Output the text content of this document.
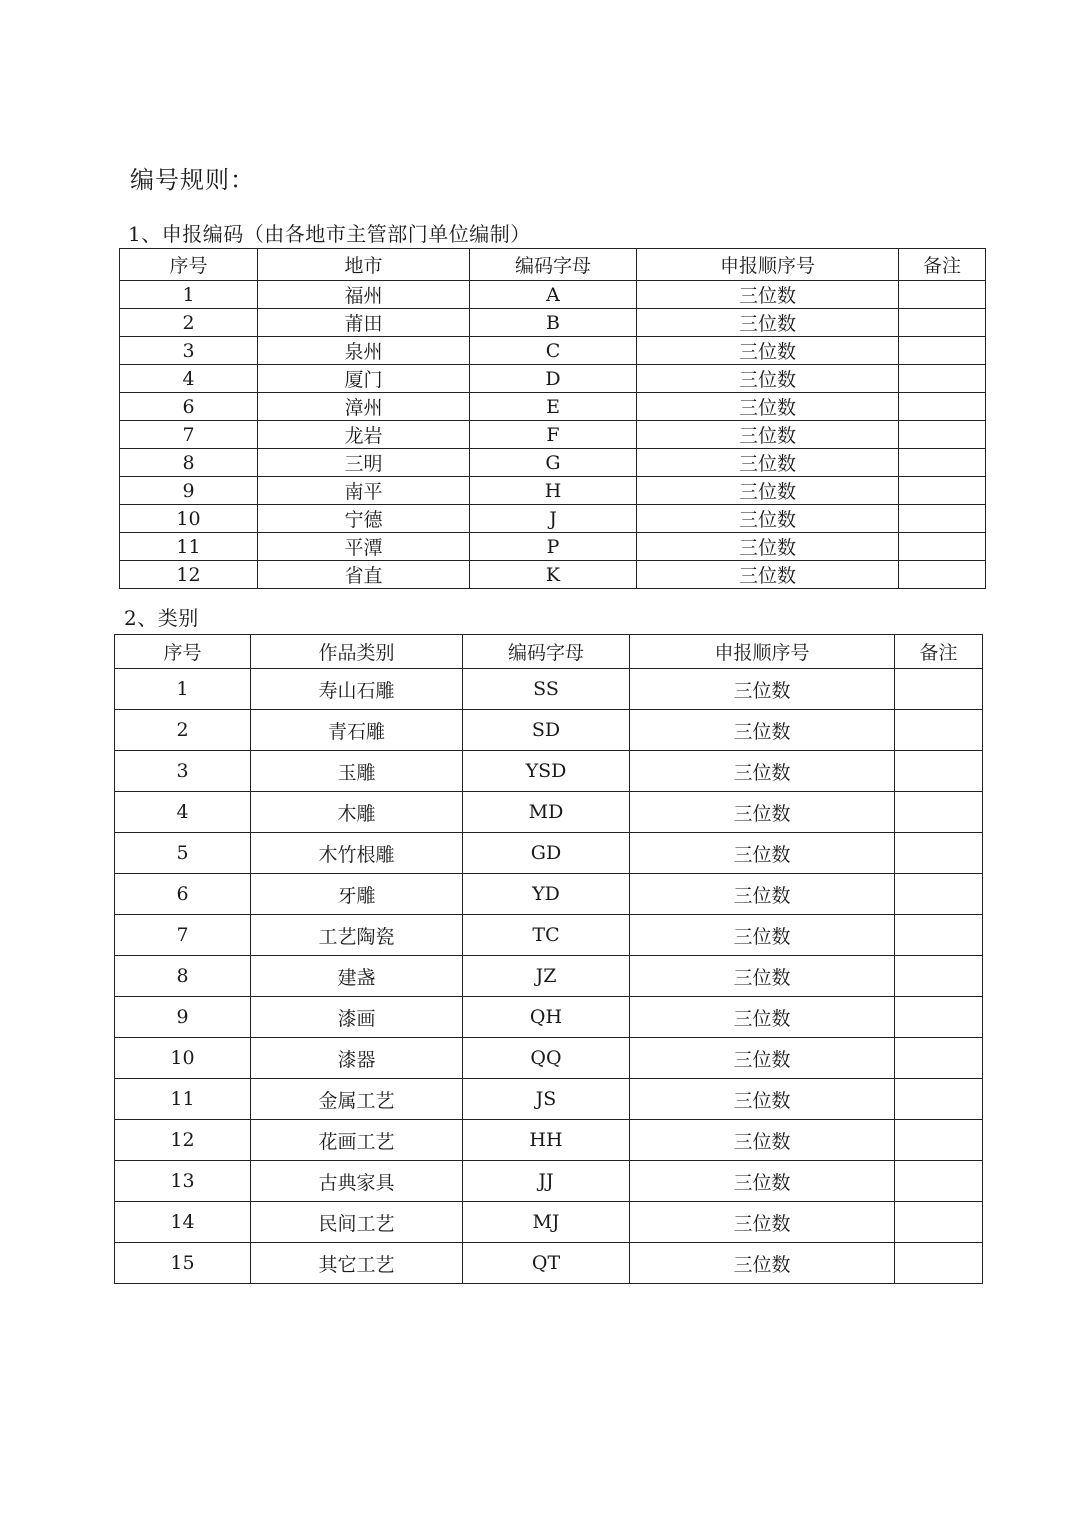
编号规则：
1、申报编码（由各地市主管部门单位编制）
序号	地市	编码字母	申报顺序号	备注
1	福州	A	三位数	
2	莆田	B	三位数	
3	泉州	C	三位数	
4	厦门	D	三位数	
6	漳州	E	三位数	
7	龙岩	F	三位数	
8	三明	G	三位数	
9	南平	H	三位数	
10	宁德	J	三位数	
11	平潭	P	三位数	
12	省直	K	三位数	
2、类别
序号	作品类别	编码字母	申报顺序号	备注
1	寿山石雕	SS	三位数	
2	青石雕	SD	三位数	
3	玉雕	YSD	三位数	
4	木雕	MD	三位数	
5	木竹根雕	GD	三位数	
6	牙雕	YD	三位数	
7	工艺陶瓷	TC	三位数	
8	建盏	JZ	三位数	
9	漆画	QH	三位数	
10	漆器	QQ	三位数	
11	金属工艺	JS	三位数	
12	花画工艺	HH	三位数	
13	古典家具	JJ	三位数	
14	民间工艺	MJ	三位数	
15	其它工艺	QT	三位数	
